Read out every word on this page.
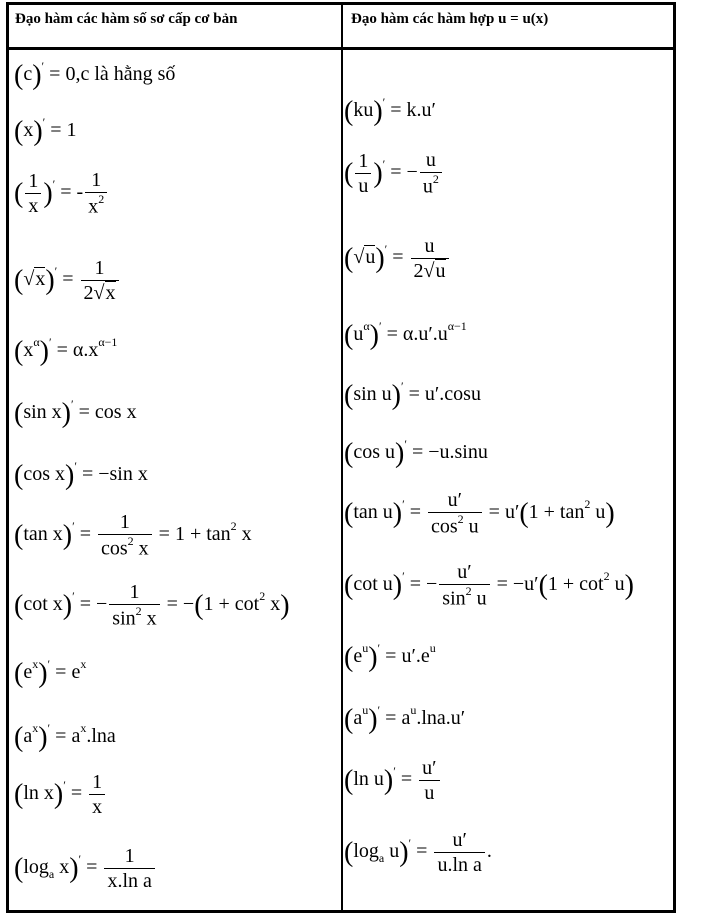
Đạo hàm các hàm số sơ cấp cơ bản	Đạo hàm các hàm hợp u = u(x)
(c)′ = 0,c là hằng số
(x)′ = 1
( $\frac{1}{x} )'$ = - $\frac{1}{x^2}$
$(√x)' = \frac{1}{2√x}$
$(x^\alpha)' = \alpha.x^{\alpha-1}$
(sin x)′ = cos x
(cos x)′ = −sin x
(tan $x)' = \frac{1}{\cos^2 x} = 1 + \tan^2 x$
(cot x)′ = − $\frac{1}{\sin^2 x} = -(1 + \cot^2 x)$
$(e^x)' = e^x$
$(a^x)' = a^x.\ln a$
(ln $x)' = \frac{1}{x}$
($\log_a$ $x)' = \frac{1}{\text{x.ln a}}$
(ku)′ = k.u′
( $\frac{1}{u} )'$ = − $\frac{u}{u^2}$
$(√u)' = \frac{u}{2√u}$
$(u^\alpha)' = \alpha.u'.u^{\alpha-1}$
(sin u)′ = u′.cosu
(cos u)′ = −u.sinu
(tan $u)' = \frac{u'}{\cos^2 u} = u'(1 + \tan^2 u)$
(cot u)′ = − $\frac{u'}{\sin^2 u} = -u'(1 + \cot^2 u)$
$(e^u)' = u'.e^u$
$(a^u)' = a^u.\ln a.u'$
(ln $u)' = \frac{u'}{u}$
($\log_a$ $u)' = \frac{u'}{\text{u.ln a}}$ .
